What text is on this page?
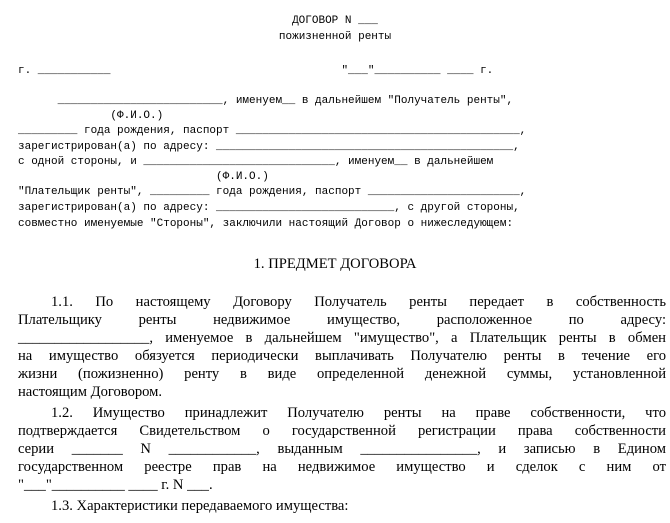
ДОГОВОР N ___

пожизненной ренты

г. ___________                                   "___"__________ ____ г.

_________________________, именуем__ в дальнейшем "Получатель ренты",

(Ф.И.О.)

_________ года рождения, паспорт ___________________________________________,

зарегистрирован(а) по адресу: _____________________________________________,

с одной стороны, и _____________________________, именуем__ в дальнейшем

(Ф.И.О.)

"Плательщик ренты", _________ года рождения, паспорт _______________________,

зарегистрирован(а) по адресу: ___________________________, с другой стороны,

совместно именуемые "Стороны", заключили настоящий Договор о нижеследующем:

1. ПРЕДМЕТ ДОГОВОРА

1.1. По настоящему Договору Получатель ренты передает в собственность

Плательщику ренты недвижимое имущество, расположенное по адресу:

__________________, именуемое в дальнейшем "имущество", а Плательщик ренты в обмен

на имущество обязуется периодически выплачивать Получателю ренты в течение его

жизни (пожизненно) ренту в виде определенной денежной суммы, установленной

настоящим Договором.

1.2. Имущество принадлежит Получателю ренты на праве собственности, что

подтверждается Свидетельством о государственной регистрации права собственности

серии _______ N ____________, выданным ________________, и записью в Едином

государственном реестре прав на недвижимое имущество и сделок с ним от

"___"__________ ____ г. N ___.

1.3. Характеристики передаваемого имущества:
